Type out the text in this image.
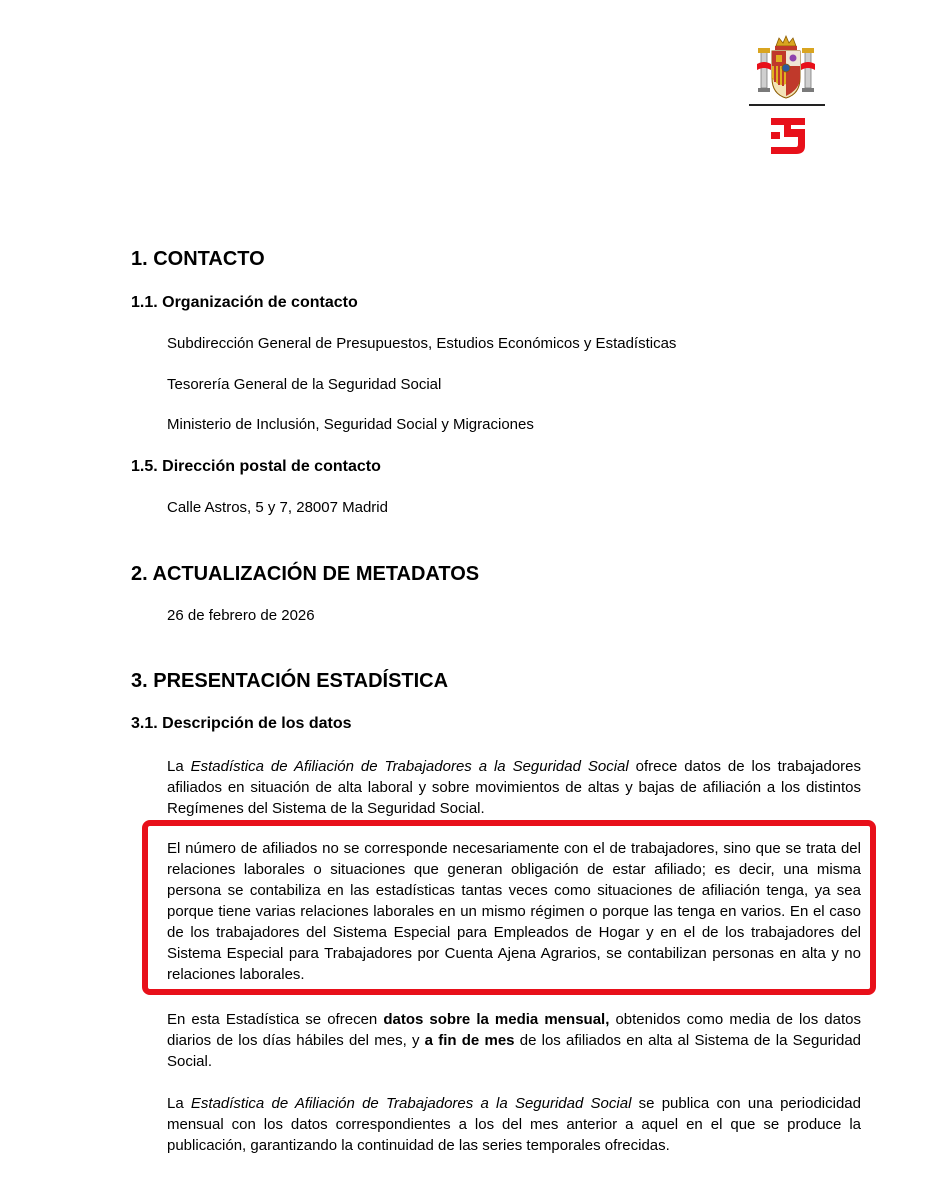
1. CONTACTO
1.1. Organización de contacto
Subdirección General de Presupuestos, Estudios Económicos y Estadísticas
Tesorería General de la Seguridad Social
Ministerio de Inclusión, Seguridad Social y Migraciones
1.5. Dirección postal de contacto
Calle Astros, 5 y 7, 28007 Madrid
2. ACTUALIZACIÓN DE METADATOS
26 de febrero de 2026
3. PRESENTACIÓN ESTADÍSTICA
3.1. Descripción de los datos
La Estadística de Afiliación de Trabajadores a la Seguridad Social ofrece datos de los trabajadores afiliados en situación de alta laboral y sobre movimientos de altas y bajas de afiliación a los distintos Regímenes del Sistema de la Seguridad Social.
El número de afiliados no se corresponde necesariamente con el de trabajadores, sino que se trata del relaciones laborales o situaciones que generan obligación de estar afiliado; es decir, una misma persona se contabiliza en las estadísticas tantas veces como situaciones de afiliación tenga, ya sea porque tiene varias relaciones laborales en un mismo régimen o porque las tenga en varios. En el caso de los trabajadores del Sistema Especial para Empleados de Hogar y en el de los trabajadores del Sistema Especial para Trabajadores por Cuenta Ajena Agrarios, se contabilizan personas en alta y no relaciones laborales.
En esta Estadística se ofrecen datos sobre la media mensual, obtenidos como media de los datos diarios de los días hábiles del mes, y a fin de mes de los afiliados en alta al Sistema de la Seguridad Social.
La Estadística de Afiliación de Trabajadores a la Seguridad Social se publica con una periodicidad mensual con los datos correspondientes a los del mes anterior a aquel en el que se produce la publicación, garantizando la continuidad de las series temporales ofrecidas.
